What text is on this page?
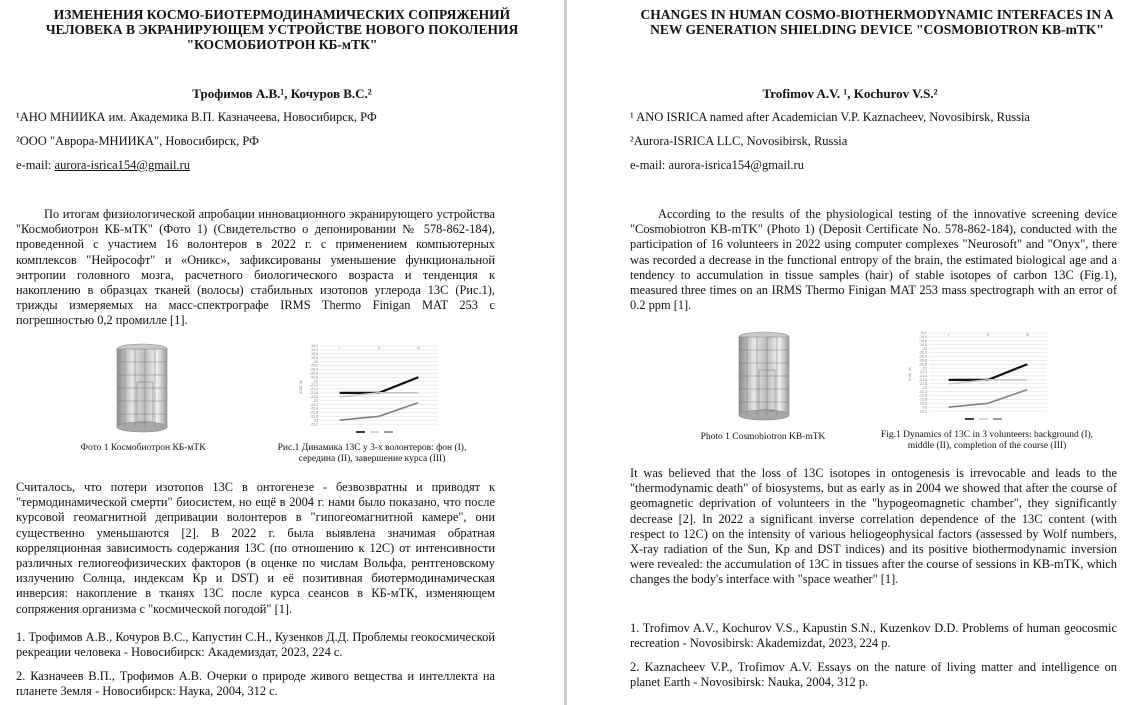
ИЗМЕНЕНИЯ КОСМО-БИОТЕРМОДИНАМИЧЕСКИХ СОПРЯЖЕНИЙ ЧЕЛОВЕКА В ЭКРАНИРУЮЩЕМ УСТРОЙСТВЕ НОВОГО ПОКОЛЕНИЯ "КОСМОБИОТРОН КБ-мТК"

Трофимов А.В.¹, Кочуров В.С.²

¹АНО МНИИКА им. Академика В.П. Казначеева, Новосибирск, РФ

²ООО "Аврора-МНИИКА", Новосибирск, РФ

e-mail: aurora-isrica154@gmail.ru

По итогам физиологической апробации инновационного экранирующего устройства "Космобиотрон КБ-мТК" (Фото 1) (Свидетельство о депонировании № 578-862-184), проведенной с участием 16 волонтеров в 2022 г. с применением компьютерных комплексов "Нейрософт" и «Оникс», зафиксированы уменьшение функциональной энтропии головного мозга, расчетного биологического возраста и тенденция к накоплению в образцах тканей (волосы) стабильных изотопов углерода 13С (Рис.1), трижды измеряемых на масс-спектрографе IRMS Thermo Finigan MAT 253 с погрешностью 0,2 промилле [1].

Фото 1 Космобиотрон КБ-мТК

-19,2
-19,4
-19,6
-19,8
-20
-20,2
-20,4
-20,6
-20,8
-21
-21,2
-21,4
-21,6
-21,8
-22
-22,2
-22,4
-22,6
-22,8
-23
-23,2
δ13C, ‰
I	II	III

Рис.1 Динамика 13С у 3-х волонтеров: фон (I), середина (II), завершение курса (III)

Считалось, что потери изотопов 13С в онтогенезе - безвозвратны и приводят к "термодинамической смерти" биосистем, но ещё в 2004 г. нами было показано, что после курсовой геомагнитной депривации волонтеров в "гипогеомагнитной камере", они существенно уменьшаются [2]. В 2022 г. была выявлена значимая обратная корреляционная зависимость содержания 13С (по отношению к 12С) от интенсивности различных гелиогеофизических факторов (в оценке по числам Вольфа, рентгеновскому излучению Солнца, индексам Кр и DST) и её позитивная биотермодинамическая инверсия: накопление в тканях 13С после курса сеансов в КБ-мТК, изменяющем сопряжения организма с "космической погодой" [1].

1. Трофимов А.В., Кочуров В.С., Капустин С.Н., Кузенков Д.Д. Проблемы геокосмической рекреации человека - Новосибирск: Академиздат, 2023, 224 с.

2. Казначеев В.П., Трофимов А.В. Очерки о природе живого вещества и интеллекта на планете Земля - Новосибирск: Наука, 2004, 312 с.

CHANGES IN HUMAN COSMO-BIOTHERMODYNAMIC INTERFACES IN A NEW GENERATION SHIELDING DEVICE "COSMOBIOTRON KB-mTK"

Trofimov A.V. ¹, Kochurov V.S.²

¹ ANO ISRICA named after Academician V.P. Kaznacheev, Novosibirsk, Russia

²Aurora-ISRICA LLC, Novosibirsk, Russia

e-mail: aurora-isrica154@gmail.ru

According to the results of the physiological testing of the innovative screening device "Cosmobiotron KB-mTK" (Photo 1) (Deposit Certificate No. 578-862-184), conducted with the participation of 16 volunteers in 2022 using computer complexes "Neurosoft" and "Onyx", there was recorded a decrease in the functional entropy of the brain, the estimated biological age and a tendency to accumulation in tissue samples (hair) of stable isotopes of carbon 13C (Fig.1), measured three times on an IRMS Thermo Finigan MAT 253 mass spectrograph with an error of 0.2 ppm [1].

Photo 1 Cosmobiotron KB-mTK

-19,2
-19,4
-19,6
-19,8
-20
-20,2
-20,4
-20,6
-20,8
-21
-21,2
-21,4
-21,6
-21,8
-22
-22,2
-22,4
-22,6
-22,8
-23
-23,2
δ13C, ‰
I	II	III

Fig.1 Dynamics of 13C in 3 volunteers: background (I), middle (II), completion of the course (III)

It was believed that the loss of 13C isotopes in ontogenesis is irrevocable and leads to the "thermodynamic death" of biosystems, but as early as in 2004 we showed that after the course of geomagnetic deprivation of volunteers in the "hypogeomagnetic chamber", they significantly decrease [2]. In 2022 a significant inverse correlation dependence of the 13C content (with respect to 12C) on the intensity of various heliogeophysical factors (assessed by Wolf numbers, X-ray radiation of the Sun, Kp and DST indices) and its positive biothermodynamic inversion were revealed: the accumulation of 13C in tissues after the course of sessions in KB-mTK, which changes the body's interface with "space weather" [1].

1. Trofimov A.V., Kochurov V.S., Kapustin S.N., Kuzenkov D.D. Problems of human geocosmic recreation - Novosibirsk: Akademizdat, 2023, 224 p.

2. Kaznacheev V.P., Trofimov A.V. Essays on the nature of living matter and intelligence on planet Earth - Novosibirsk: Nauka, 2004, 312 p.
